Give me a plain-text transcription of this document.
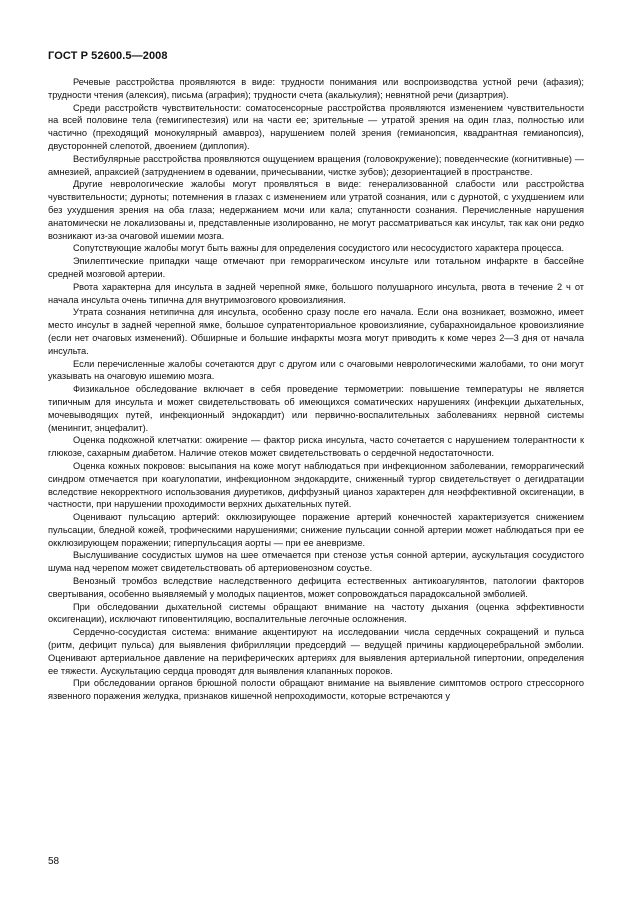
ГОСТ Р 52600.5—2008

Речевые расстройства проявляются в виде: трудности понимания или воспроизводства устной речи (афазия); трудности чтения (алексия), письма (аграфия); трудности счета (акалькулия); невнятной речи (дизартрия).

Среди расстройств чувствительности: соматосенсорные расстройства проявляются изменением чувствительности на всей половине тела (гемигипестезия) или на части ее; зрительные — утратой зрения на один глаз, полностью или частично (преходящий монокулярный амавроз), нарушением полей зрения (гемианопсия, квадрантная гемианопсия), двусторонней слепотой, двоением (диплопия).

Вестибулярные расстройства проявляются ощущением вращения (головокружение); поведенческие (когнитивные) — амнезией, апраксией (затруднением в одевании, причесывании, чистке зубов); дезориентацией в пространстве.

Другие неврологические жалобы могут проявляться в виде: генерализованной слабости или расстройства чувствительности; дурноты; потемнения в глазах с изменением или утратой сознания, или с дурнотой, с ухудшением или без ухудшения зрения на оба глаза; недержанием мочи или кала; спутанности сознания. Перечисленные нарушения анатомически не локализованы и, представленные изолированно, не могут рассматриваться как инсульт, так как они редко возникают из-за очаговой ишемии мозга.

Сопутствующие жалобы могут быть важны для определения сосудистого или несосудистого характера процесса.

Эпилептические припадки чаще отмечают при геморрагическом инсульте или тотальном инфаркте в бассейне средней мозговой артерии.

Рвота характерна для инсульта в задней черепной ямке, большого полушарного инсульта, рвота в течение 2 ч от начала инсульта очень типична для внутримозгового кровоизлияния.

Утрата сознания нетипична для инсульта, особенно сразу после его начала. Если она возникает, возможно, имеет место инсульт в задней черепной ямке, большое супратенториальное кровоизлияние, субарахноидальное кровоизлияние (если нет очаговых изменений). Обширные и большие инфаркты мозга могут приводить к коме через 2—3 дня от начала инсульта.

Если перечисленные жалобы сочетаются друг с другом или с очаговыми неврологическими жалобами, то они могут указывать на очаговую ишемию мозга.

Физикальное обследование включает в себя проведение термометрии: повышение температуры не является типичным для инсульта и может свидетельствовать об имеющихся соматических нарушениях (инфекции дыхательных, мочевыводящих путей, инфекционный эндокардит) или первично-воспалительных заболеваниях нервной системы (менингит, энцефалит).

Оценка подкожной клетчатки: ожирение — фактор риска инсульта, часто сочетается с нарушением толерантности к глюкозе, сахарным диабетом. Наличие отеков может свидетельствовать о сердечной недостаточности.

Оценка кожных покровов: высыпания на коже могут наблюдаться при инфекционном заболевании, геморрагический синдром отмечается при коагулопатии, инфекционном эндокардите, сниженный тургор свидетельствует о дегидратации вследствие некорректного использования диуретиков, диффузный цианоз характерен для неэффективной оксигенации, в частности, при нарушении проходимости верхних дыхательных путей.

Оценивают пульсацию артерий: окклюзирующее поражение артерий конечностей характеризуется снижением пульсации, бледной кожей, трофическими нарушениями; снижение пульсации сонной артерии может наблюдаться при ее окклюзирующем поражении; гиперпульсация аорты — при ее аневризме.

Выслушивание сосудистых шумов на шее отмечается при стенозе устья сонной артерии, аускультация сосудистого шума над черепом может свидетельствовать об артериовенозном соустье.

Венозный тромбоз вследствие наследственного дефицита естественных антикоагулянтов, патологии факторов свертывания, особенно выявляемый у молодых пациентов, может сопровождаться парадоксальной эмболией.

При обследовании дыхательной системы обращают внимание на частоту дыхания (оценка эффективности оксигенации), исключают гиповентиляцию, воспалительные легочные осложнения.

Сердечно-сосудистая система: внимание акцентируют на исследовании числа сердечных сокращений и пульса (ритм, дефицит пульса) для выявления фибрилляции предсердий — ведущей причины кардиоцеребральной эмболии. Оценивают артериальное давление на периферических артериях для выявления артериальной гипертонии, определения ее тяжести. Аускультацию сердца проводят для выявления клапанных пороков.

При обследовании органов брюшной полости обращают внимание на выявление симптомов острого стрессорного язвенного поражения желудка, признаков кишечной непроходимости, которые встречаются у

58
